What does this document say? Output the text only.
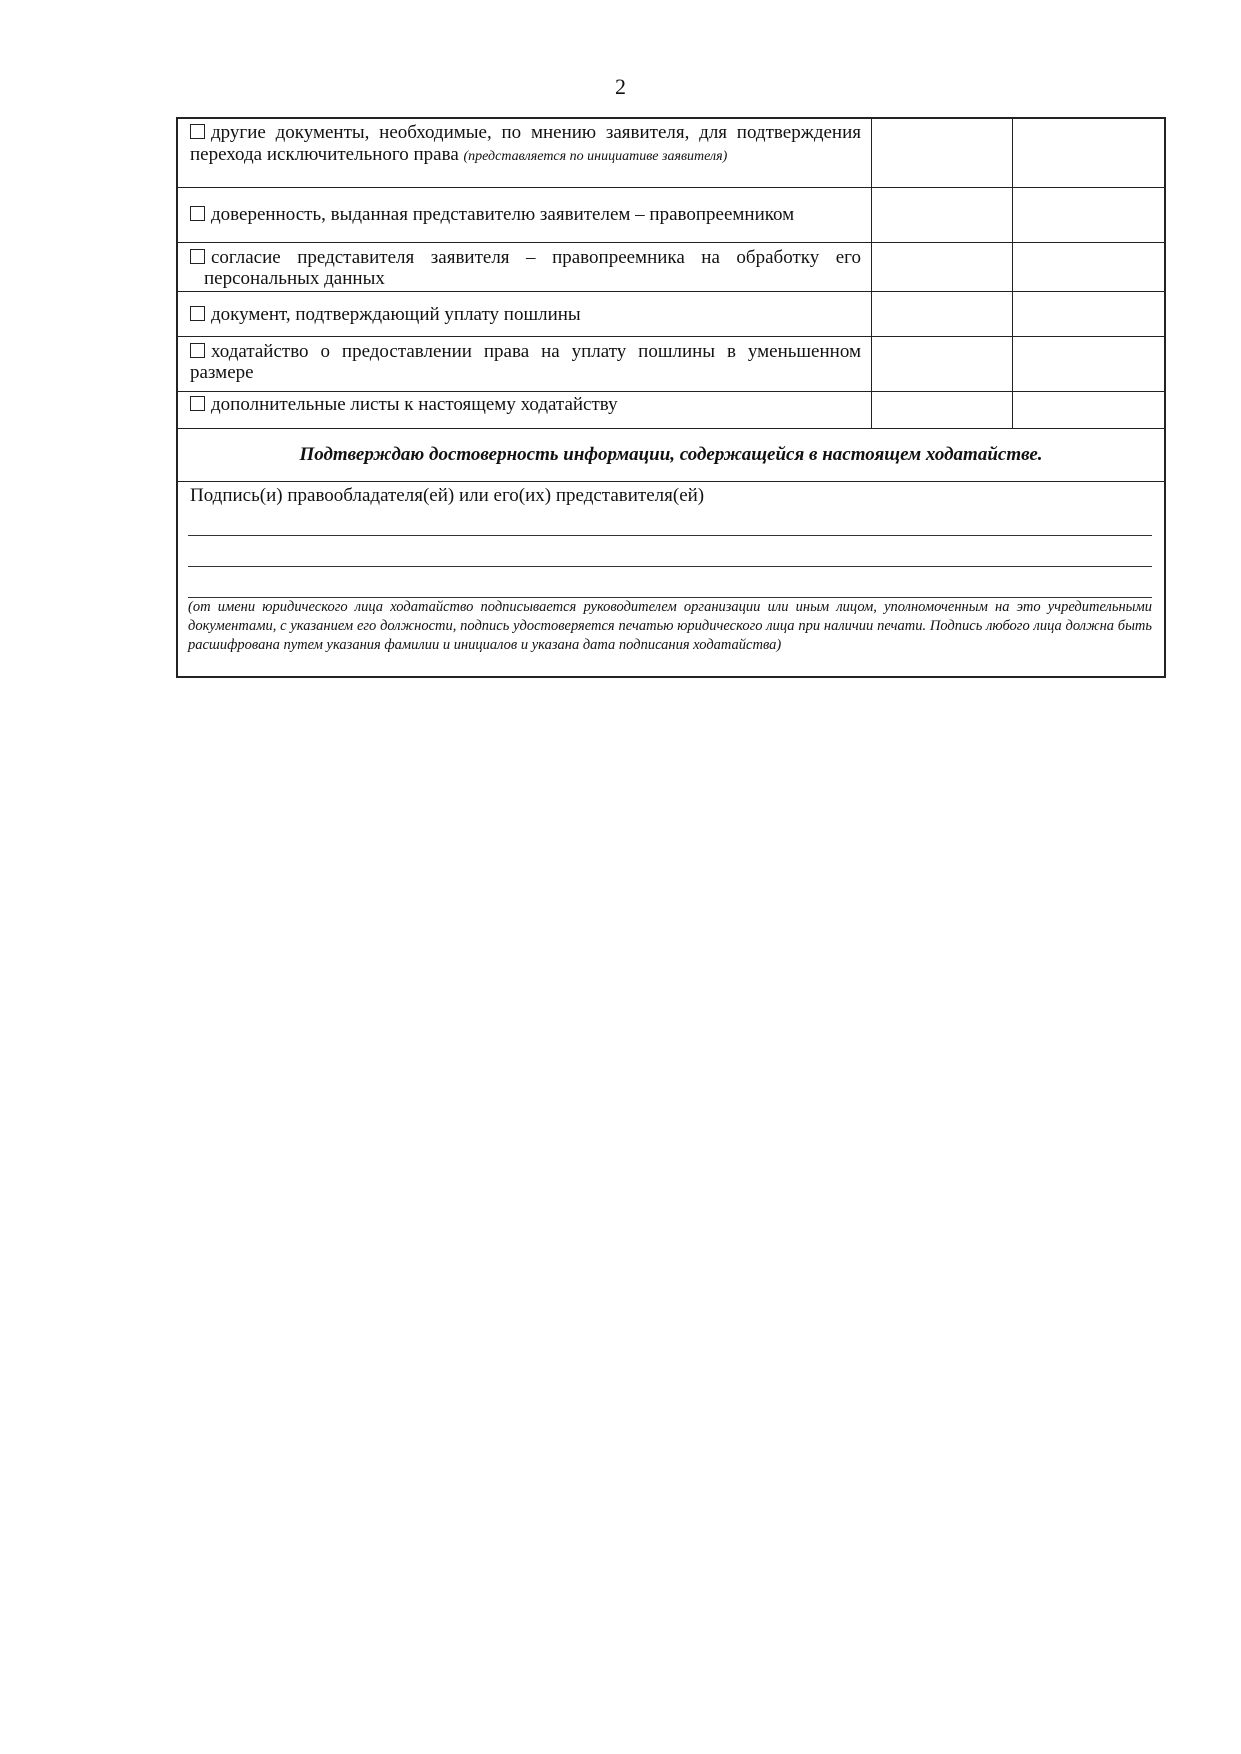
2
другие документы, необходимые, по мнению заявителя, для подтверждения перехода исключительного права (представляется по инициативе заявителя)
доверенность, выданная представителю заявителем – правопреемником
согласие представителя заявителя – правопреемника на обработку его персональных данных
документ, подтверждающий уплату пошлины
ходатайство о предоставлении права на уплату пошлины в уменьшенном размере
дополнительные листы к настоящему ходатайству
Подтверждаю достоверность информации, содержащейся в настоящем ходатайстве.
Подпись(и) правообладателя(ей) или его(их) представителя(ей)
(от имени юридического лица ходатайство подписывается руководителем организации или иным лицом, уполномоченным на это учредительными документами, с указанием его должности, подпись удостоверяется печатью юридического лица при наличии печати. Подпись любого лица должна быть расшифрована путем указания фамилии и инициалов и указана дата подписания ходатайства)
